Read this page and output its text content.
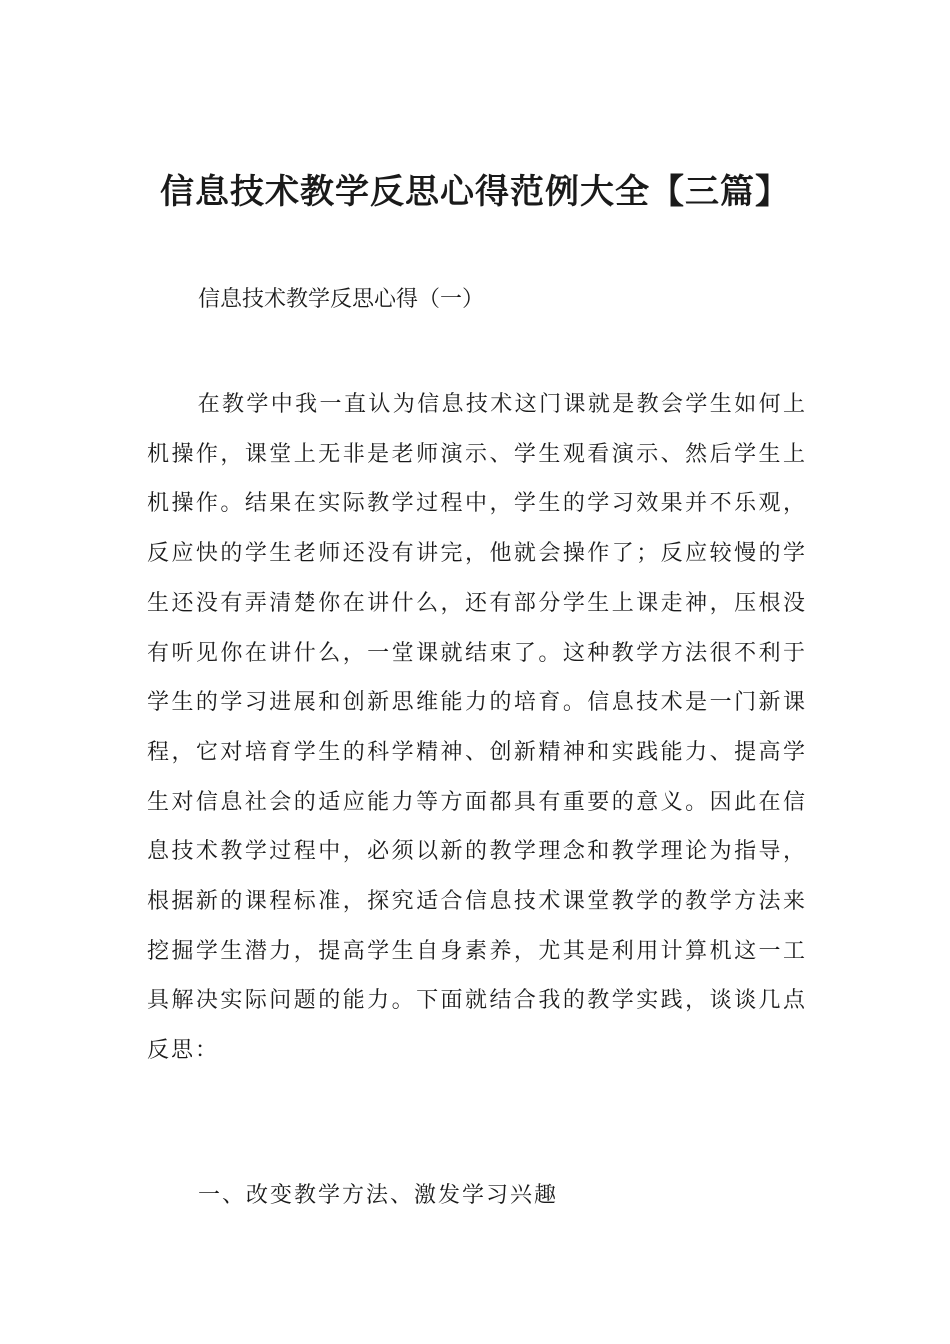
信息技术教学反思心得范例大全【三篇】

信息技术教学反思心得（一）

在教学中我一直认为信息技术这门课就是教会学生如何上机操作，课堂上无非是老师演示、学生观看演示、然后学生上机操作。结果在实际教学过程中，学生的学习效果并不乐观，反应快的学生老师还没有讲完，他就会操作了；反应较慢的学生还没有弄清楚你在讲什么，还有部分学生上课走神，压根没有听见你在讲什么，一堂课就结束了。这种教学方法很不利于学生的学习进展和创新思维能力的培育。信息技术是一门新课程，它对培育学生的科学精神、创新精神和实践能力、提高学生对信息社会的适应能力等方面都具有重要的意义。因此在信息技术教学过程中，必须以新的教学理念和教学理论为指导，根据新的课程标准，探究适合信息技术课堂教学的教学方法来挖掘学生潜力，提高学生自身素养，尤其是利用计算机这一工具解决实际问题的能力。下面就结合我的教学实践，谈谈几点反思：

一、改变教学方法、激发学习兴趣
